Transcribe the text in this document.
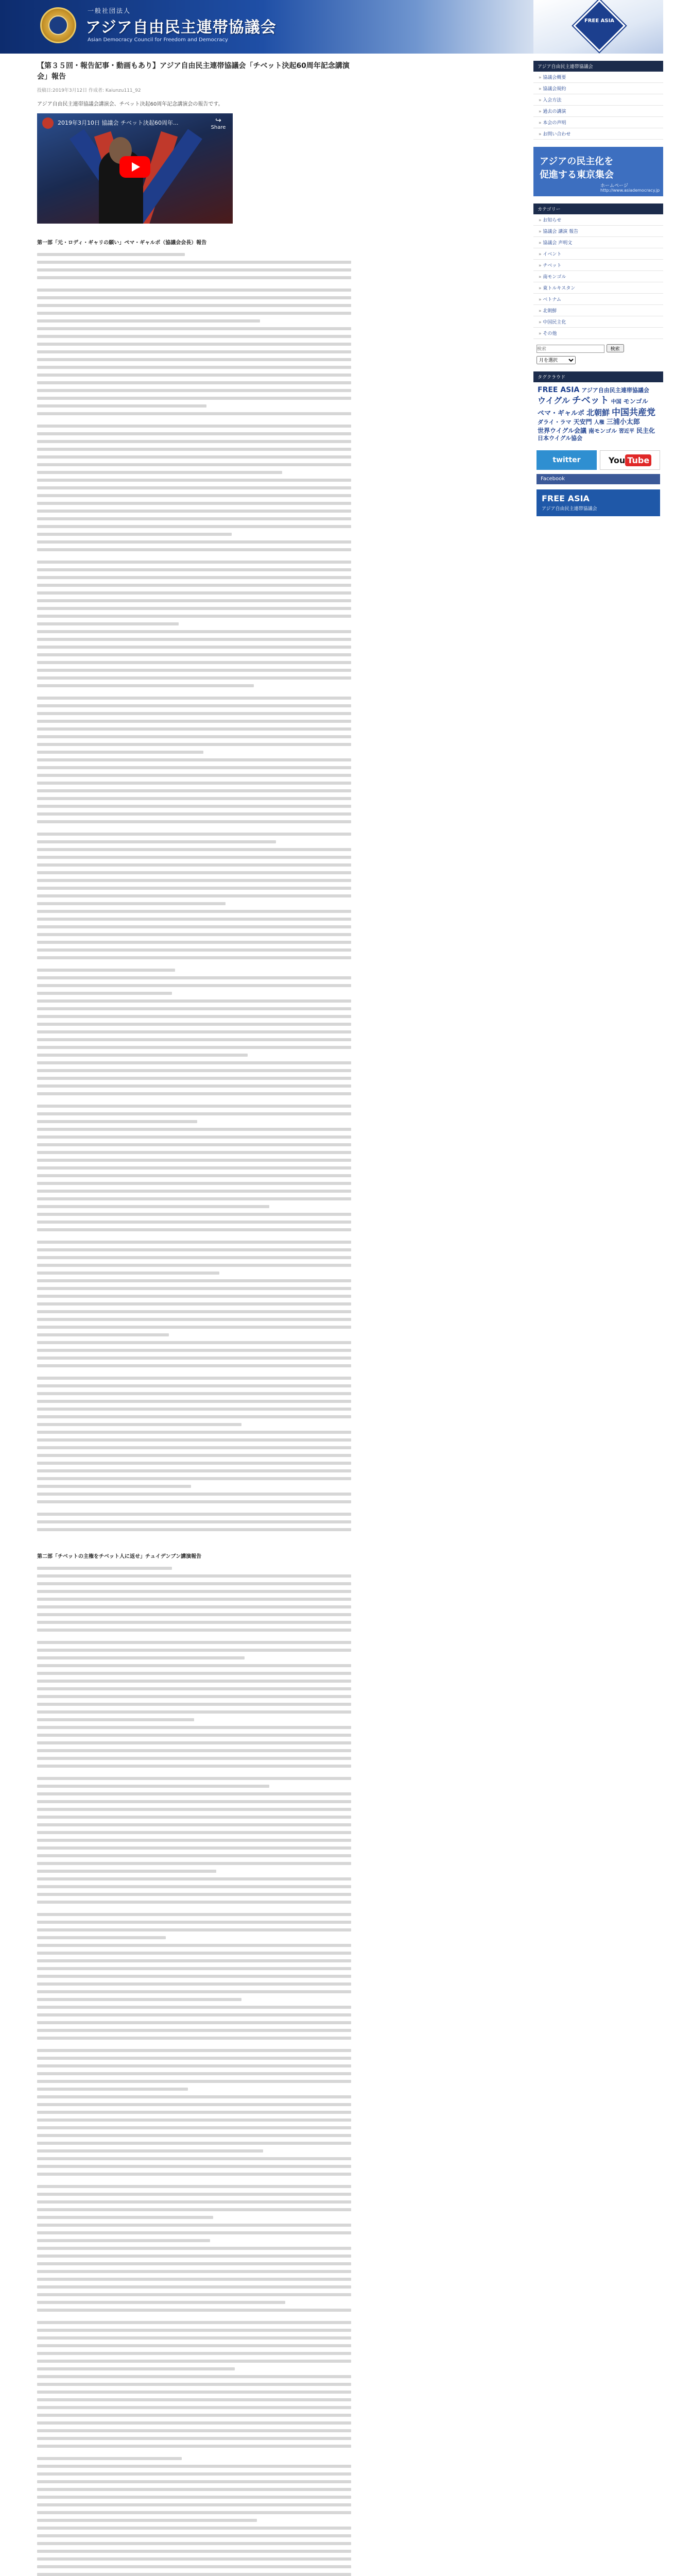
一般社団法人
アジア自由民主連帯協議会
Asian Democracy Council for Freedom and Democracy
【第３５回・報告記事・動画もあり】アジア自由民主連帯協議会「チベット決起60周年記念講演会」報告
投稿日:2019年3月12日 作成者: Kaiunzu111_92
アジア自由民主連帯協議会講演会、チベット決起60周年記念講演会の報告です。
2019年3月10日 協議会 チベット決起60周年...	↪
Share
第一部「元・ロディ・ギャリの願い」ペマ・ギャルポ（協議会会長）報告
第二部「チベットの主権をチベット人に返せ」チュイデンブン講演報告
FREE ASIA
アジア自由民主連帯協議会
» 協議会概要
» 協議会規約
» 入会方法
» 過去の講演
» 本会の声明
» お問い合わせ
アジアの民主化を
促進する東京集会
ホームページ
http://www.asiademocracy.jp
カテゴリー
» お知らせ
» 協議会 講演 報告
» 協議会 声明文
» イベント
» チベット
» 南モンゴル
» 東トルキスタン
» ベトナム
» 北朝鮮
» 中国民主化
» その他
検索 検索
月を選択
タグクラウド
FREE ASIA アジア自由民主連帯協議会ウイグル チベット 中国 モンゴルペマ・ギャルポ 北朝鮮 中国共産党ダライ・ラマ 天安門 人権 三浦小太郎世界ウイグル会議 南モンゴル 習近平 民主化日本ウイグル協会
twitter	You Tube
Facebook
FREE ASIA
アジア自由民主連帯協議会
